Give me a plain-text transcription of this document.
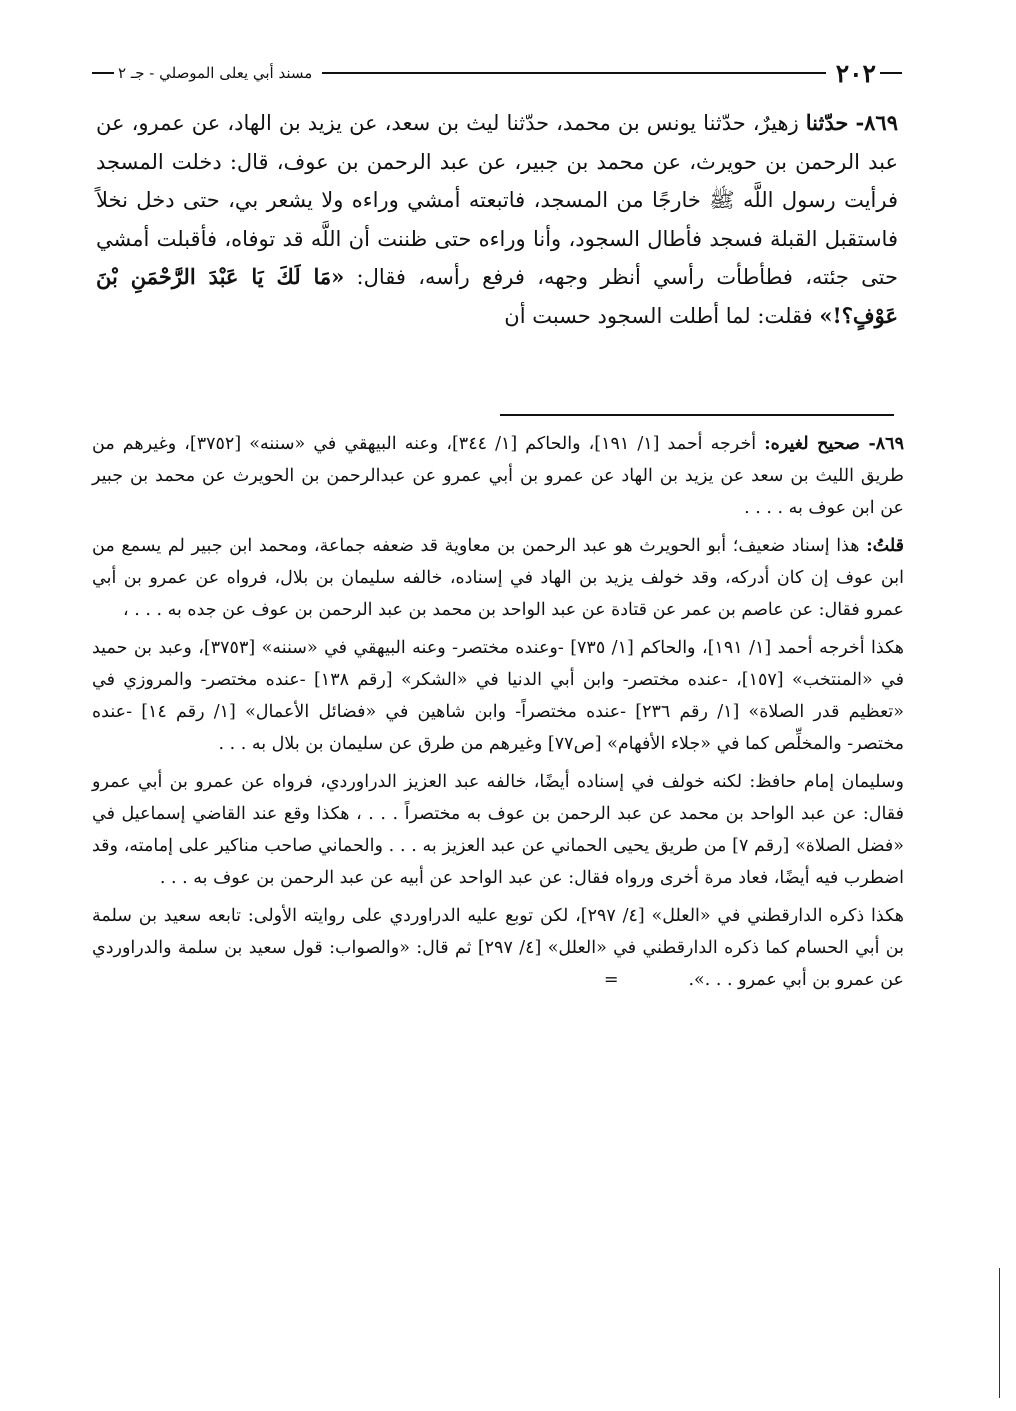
٢٠٢
مسند أبي يعلى الموصلي - جـ ٢

٨٦٩- حدّثنا زهيرٌ، حدّثنا يونس بن محمد، حدّثنا ليث بن سعد، عن يزيد بن الهاد، عن عمرو، عن عبد الرحمن بن حويرث، عن محمد بن جبير، عن عبد الرحمن بن عوف، قال: دخلت المسجد فرأيت رسول اللَّه ﷺ خارجًا من المسجد، فاتبعته أمشي وراءه ولا يشعر بي، حتى دخل نخلاً فاستقبل القبلة فسجد فأطال السجود، وأنا وراءه حتى ظننت أن اللَّه قد توفاه، فأقبلت أمشي حتى جئته، فطأطأت رأسي أنظر وجهه، فرفع رأسه، فقال: «مَا لَكَ يَا عَبْدَ الرَّحْمَنِ بْنَ عَوْفٍ؟!» فقلت: لما أطلت السجود حسبت أن

٨٦٩- صحيح لغيره: أخرجه أحمد [١/ ١٩١]، والحاكم [١/ ٣٤٤]، وعنه البيهقي في «سننه» [٣٧٥٢]، وغيرهم من طريق الليث بن سعد عن يزيد بن الهاد عن عمرو بن أبي عمرو عن عبدالرحمن بن الحويرث عن محمد بن جبير عن ابن عوف به . . . .

قلتُ: هذا إسناد ضعيف؛ أبو الحويرث هو عبد الرحمن بن معاوية قد ضعفه جماعة، ومحمد ابن جبير لم يسمع من ابن عوف إن كان أدركه، وقد خولف يزيد بن الهاد في إسناده، خالفه سليمان بن بلال، فرواه عن عمرو بن أبي عمرو فقال: عن عاصم بن عمر عن قتادة عن عبد الواحد بن محمد بن عبد الرحمن بن عوف عن جده به . . . ،

هكذا أخرجه أحمد [١/ ١٩١]، والحاكم [١/ ٧٣٥] -وعنده مختصر- وعنه البيهقي في «سننه» [٣٧٥٣]، وعبد بن حميد في «المنتخب» [١٥٧]، -عنده مختصر- وابن أبي الدنيا في «الشكر» [رقم ١٣٨] -عنده مختصر- والمروزي في «تعظيم قدر الصلاة» [١/ رقم ٢٣٦] -عنده مختصراً- وابن شاهين في «فضائل الأعمال» [١/ رقم ١٤] -عنده مختصر- والمخلِّص كما في «جلاء الأفهام» [ص٧٧] وغيرهم من طرق عن سليمان بن بلال به . . .

وسليمان إمام حافظ: لكنه خولف في إسناده أيضًا، خالفه عبد العزيز الدراوردي، فرواه عن عمرو بن أبي عمرو فقال: عن عبد الواحد بن محمد عن عبد الرحمن بن عوف به مختصراً . . . ، هكذا وقع عند القاضي إسماعيل في «فضل الصلاة» [رقم ٧] من طريق يحيى الحماني عن عبد العزيز به . . . والحماني صاحب مناكير على إمامته، وقد اضطرب فيه أيضًا، فعاد مرة أخرى ورواه فقال: عن عبد الواحد عن أبيه عن عبد الرحمن بن عوف به . . .

هكذا ذكره الدارقطني في «العلل» [٤/ ٢٩٧]، لكن توبع عليه الدراوردي على روايته الأولى: تابعه سعيد بن سلمة بن أبي الحسام كما ذكره الدارقطني في «العلل» [٤/ ٢٩٧] ثم قال: «والصواب: قول سعيد بن سلمة والدراوردي عن عمرو بن أبي عمرو . . .».    =
